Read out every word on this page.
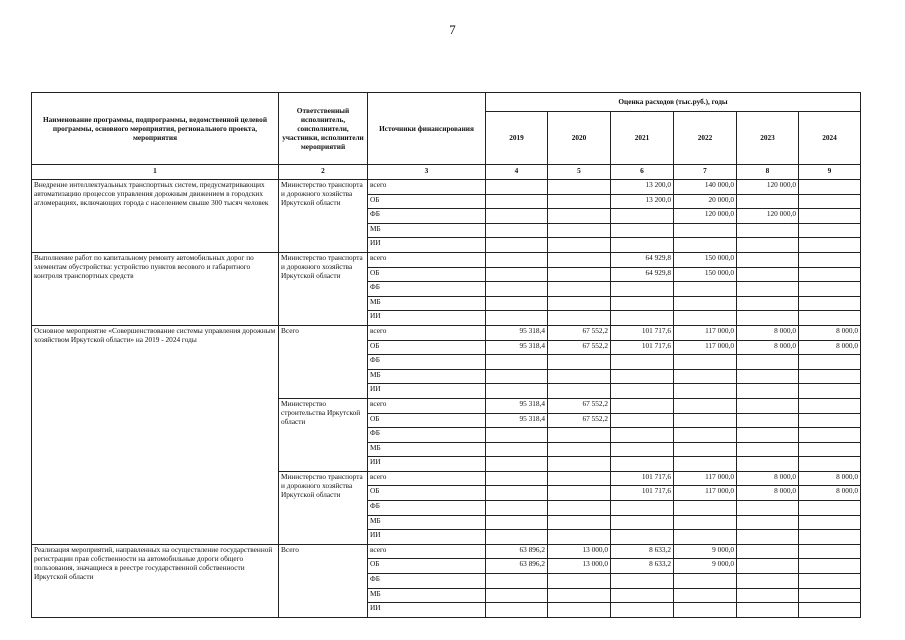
7
Наименование программы, подпрограммы, ведомственной целевой программы, основного мероприятия, регионального проекта, мероприятия	Ответственный исполнитель, соисполнители, участники, исполнители мероприятий	Источники финансирования	Оценка расходов (тыс.руб.), годы					
			2019	2020	2021	2022	2023	2024
1	2	3	4	5	6	7	8	9
Внедрение интеллектуальных транспортных систем, предусматривающих автоматизацию процессов управления дорожным движением в городских агломерациях, включающих города с населением свыше 300 тысяч человек	Министерство транспорта и дорожного хозяйства Иркутской области	всего			13 200,0	140 000,0	120 000,0	
		ОБ			13 200,0	20 000,0		
		ФБ				120 000,0	120 000,0	
		МБ						
		ИИ						
Выполнение работ по капитальному ремонту автомобильных дорог по элементам обустройства: устройство пунктов весового и габаритного контроля транспортных средств	Министерство транспорта и дорожного хозяйства Иркутской области	всего			64 929,8	150 000,0		
		ОБ			64 929,8	150 000,0		
		ФБ						
		МБ						
		ИИ						
Основное мероприятие «Совершенствование системы управления дорожным хозяйством Иркутской области» на 2019 - 2024 годы	Всего	всего	95 318,4	67 552,2	101 717,6	117 000,0	8 000,0	8 000,0
		ОБ	95 318,4	67 552,2	101 717,6	117 000,0	8 000,0	8 000,0
		ФБ						
		МБ						
		ИИ						
	Министерство строительства Иркутской области	всего	95 318,4	67 552,2				
		ОБ	95 318,4	67 552,2				
		ФБ						
		МБ						
		ИИ						
	Министерство транспорта и дорожного хозяйства Иркутской области	всего			101 717,6	117 000,0	8 000,0	8 000,0
		ОБ			101 717,6	117 000,0	8 000,0	8 000,0
		ФБ						
		МБ						
		ИИ						
Реализация мероприятий, направленных на осуществление государственной регистрации прав собственности на автомобильные дороги общего пользования, значащиеся в реестре государственной собственности Иркутской области	Всего	всего	63 896,2	13 000,0	8 633,2	9 000,0		
		ОБ	63 896,2	13 000,0	8 633,2	9 000,0		
		ФБ						
		МБ						
		ИИ						
